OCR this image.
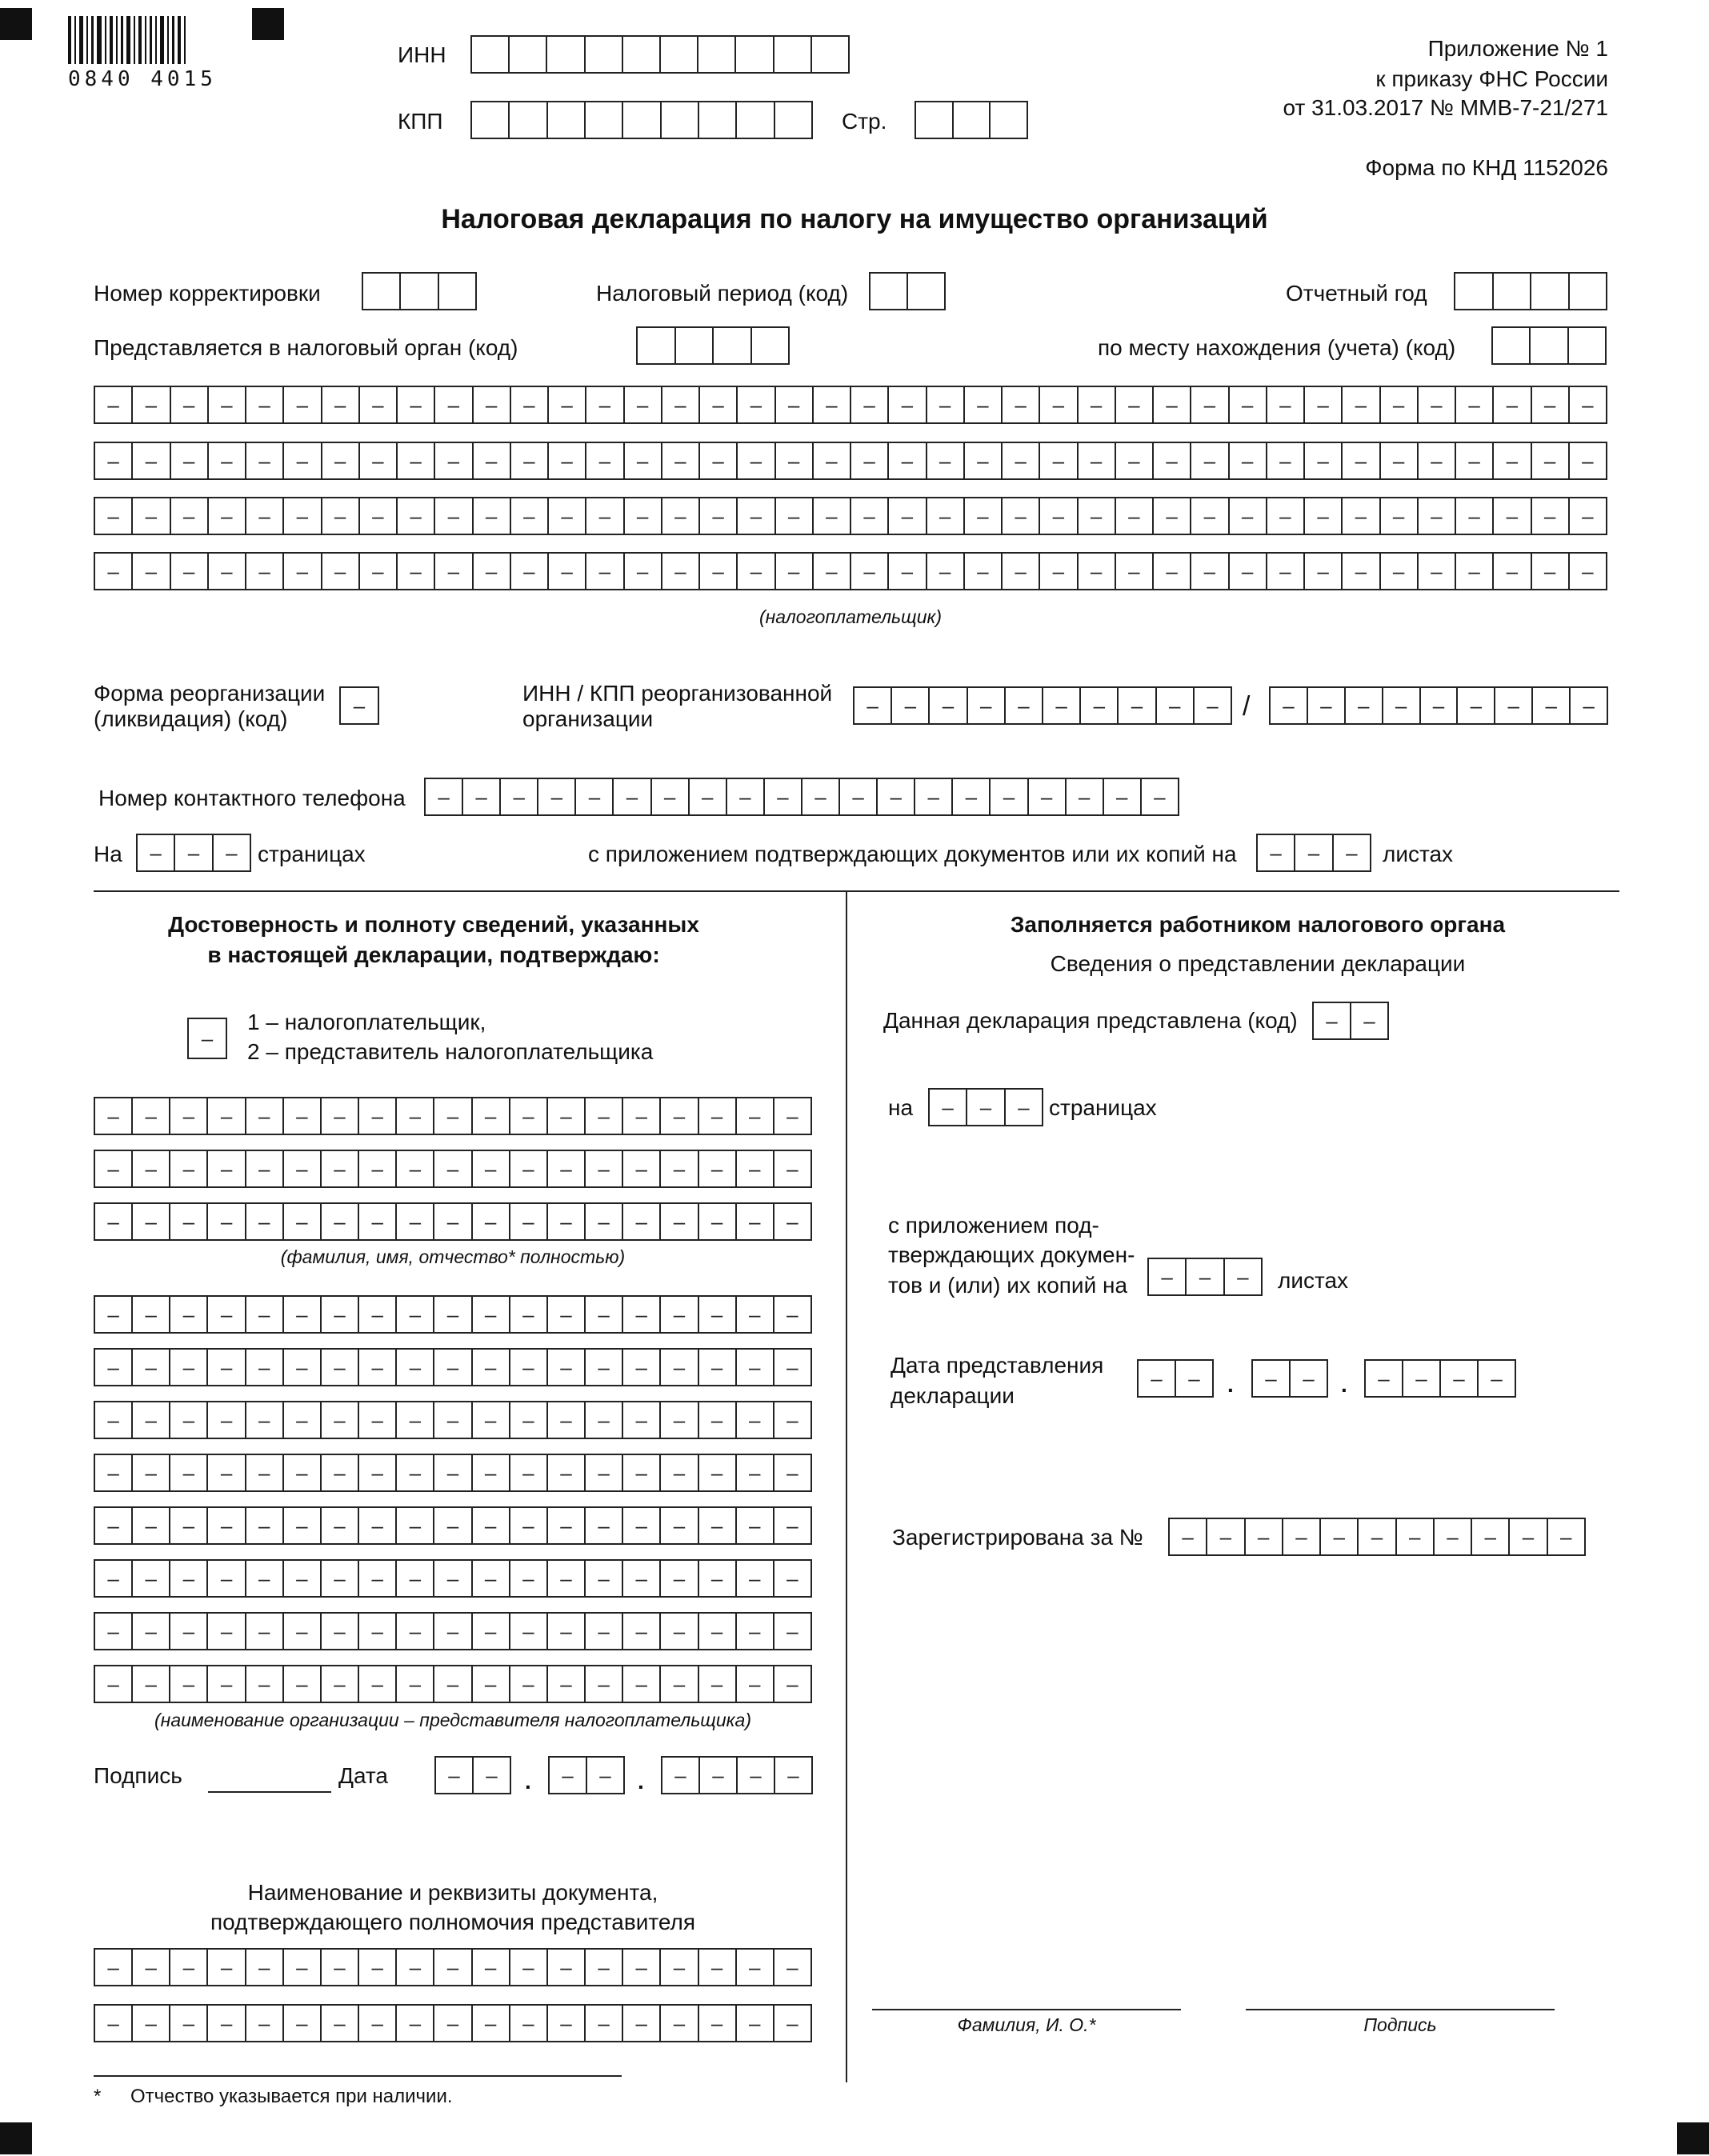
0840 4015
ИНН
КПП	Стр.
Приложение № 1
к приказу ФНС России
от 31.03.2017 № ММВ-7-21/271
Форма по КНД 1152026
Налоговая декларация по налогу на имущество организаций
Номер корректировки	Налоговый период (код)	Отчетный год
Представляется в налоговый орган (код)	по месту нахождения (учета) (код)
–	–	–	–	–	–	–	–	–	–	–	–	–	–	–	–	–	–	–	–	–	–	–	–	–	–	–	–	–	–	–	–	–	–	–	–	–	–	–	–
–	–	–	–	–	–	–	–	–	–	–	–	–	–	–	–	–	–	–	–	–	–	–	–	–	–	–	–	–	–	–	–	–	–	–	–	–	–	–	–
–	–	–	–	–	–	–	–	–	–	–	–	–	–	–	–	–	–	–	–	–	–	–	–	–	–	–	–	–	–	–	–	–	–	–	–	–	–	–	–
–	–	–	–	–	–	–	–	–	–	–	–	–	–	–	–	–	–	–	–	–	–	–	–	–	–	–	–	–	–	–	–	–	–	–	–	–	–	–	–
(налогоплательщик)
Форма реорганизации
(ликвидация) (код)
–	ИНН / КПП реорганизованной
организации
–	–	–	–	–	–	–	–	–	– /	–	–	–	–	–	–	–	–	–
Номер контактного телефона	–	–	–	–	–	–	–	–	–	–	–	–	–	–	–	–	–	–	–	–
На	–	–	– страницах	с приложением подтверждающих документов или их копий на	–	–	–	листах
Достоверность и полноту сведений, указанных
в настоящей декларации, подтверждаю:
–
1 – налогоплательщик,
2 – представитель налогоплательщика
–	–	–	–	–	–	–	–	–	–	–	–	–	–	–	–	–	–	–
–	–	–	–	–	–	–	–	–	–	–	–	–	–	–	–	–	–	–
–	–	–	–	–	–	–	–	–	–	–	–	–	–	–	–	–	–	–
(фамилия, имя, отчество* полностью)
–	–	–	–	–	–	–	–	–	–	–	–	–	–	–	–	–	–	–
–	–	–	–	–	–	–	–	–	–	–	–	–	–	–	–	–	–	–
–	–	–	–	–	–	–	–	–	–	–	–	–	–	–	–	–	–	–
–	–	–	–	–	–	–	–	–	–	–	–	–	–	–	–	–	–	–
–	–	–	–	–	–	–	–	–	–	–	–	–	–	–	–	–	–	–
–	–	–	–	–	–	–	–	–	–	–	–	–	–	–	–	–	–	–
–	–	–	–	–	–	–	–	–	–	–	–	–	–	–	–	–	–	–
–	–	–	–	–	–	–	–	–	–	–	–	–	–	–	–	–	–	–
(наименование организации – представителя налогоплательщика)
Подпись	Дата	–	–	.	–	–	.	–	–	–	–
Наименование и реквизиты документа,
подтверждающего полномочия представителя
–	–	–	–	–	–	–	–	–	–	–	–	–	–	–	–	–	–	–
–	–	–	–	–	–	–	–	–	–	–	–	–	–	–	–	–	–	–
* Отчество указывается при наличии.
Заполняется работником налогового органа
Сведения о представлении декларации
Данная декларация представлена (код)	–	–
на	–	–	– страницах
с приложением под-
тверждающих докумен-
тов и (или) их копий на	–	–	–	листах
Дата представления
декларации
–	–	.	–	–	.	–	–	–	–
Зарегистрирована за №	–	–	–	–	–	–	–	–	–	–	–
Фамилия, И. О.*	Подпись
